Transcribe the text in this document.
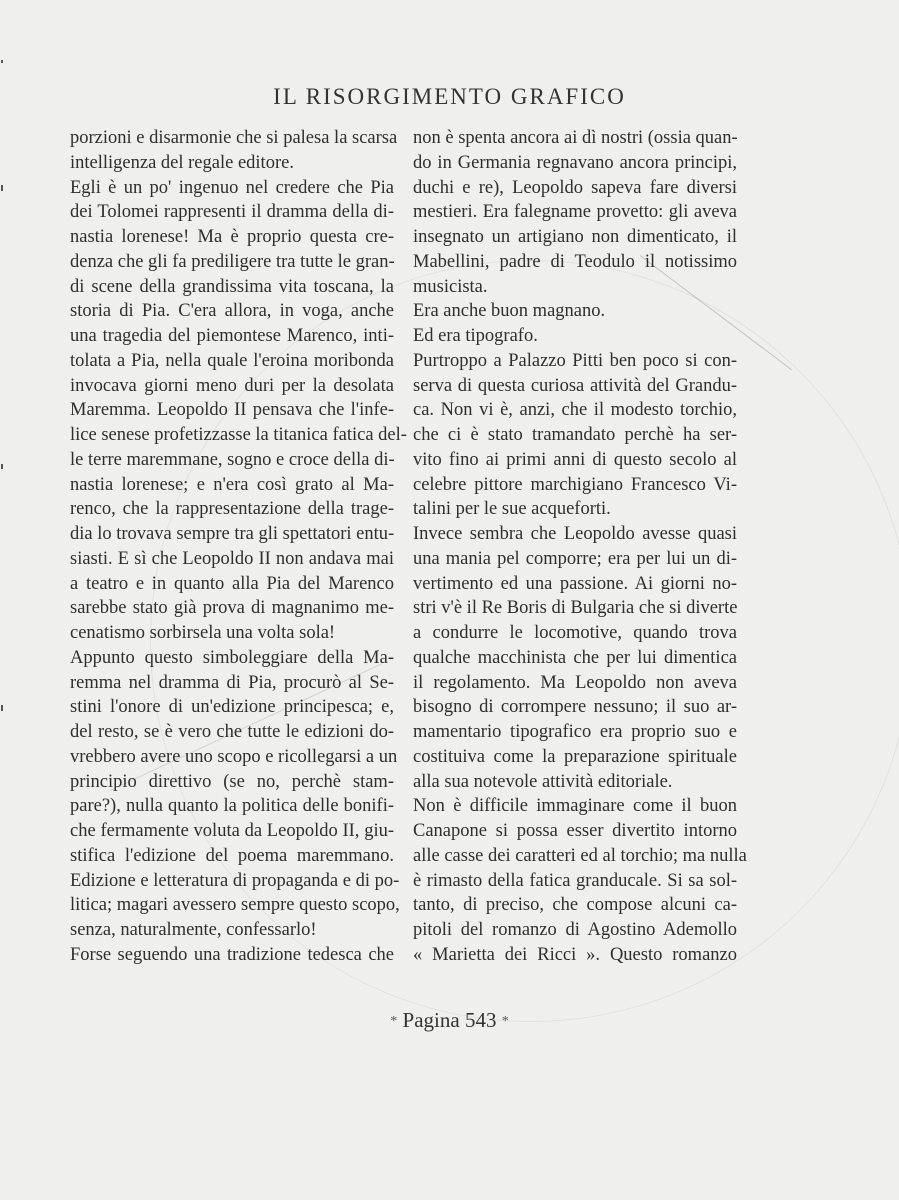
IL RISORGIMENTO GRAFICO
porzioni e disarmonie che si palesa la scarsa
intelligenza del regale editore.
Egli è un po' ingenuo nel credere che Pia
dei Tolomei rappresenti il dramma della di-
nastia lorenese! Ma è proprio questa cre-
denza che gli fa prediligere tra tutte le gran-
di scene della grandissima vita toscana, la
storia di Pia. C'era allora, in voga, anche
una tragedia del piemontese Marenco, inti-
tolata a Pia, nella quale l'eroina moribonda
invocava giorni meno duri per la desolata
Maremma. Leopoldo II pensava che l'infe-
lice senese profetizzasse la titanica fatica del-
le terre maremmane, sogno e croce della di-
nastia lorenese; e n'era così grato al Ma-
renco, che la rappresentazione della trage-
dia lo trovava sempre tra gli spettatori entu-
siasti. E sì che Leopoldo II non andava mai
a teatro e in quanto alla Pia del Marenco
sarebbe stato già prova di magnanimo me-
cenatismo sorbirsela una volta sola!
Appunto questo simboleggiare della Ma-
remma nel dramma di Pia, procurò al Se-
stini l'onore di un'edizione principesca; e,
del resto, se è vero che tutte le edizioni do-
vrebbero avere uno scopo e ricollegarsi a un
principio direttivo (se no, perchè stam-
pare?), nulla quanto la politica delle bonifi-
che fermamente voluta da Leopoldo II, giu-
stifica l'edizione del poema maremmano.
Edizione e letteratura di propaganda e di po-
litica; magari avessero sempre questo scopo,
senza, naturalmente, confessarlo!
Forse seguendo una tradizione tedesca che
non è spenta ancora ai dì nostri (ossia quan-
do in Germania regnavano ancora principi,
duchi e re), Leopoldo sapeva fare diversi
mestieri. Era falegname provetto: gli aveva
insegnato un artigiano non dimenticato, il
Mabellini, padre di Teodulo il notissimo
musicista.
Era anche buon magnano.
Ed era tipografo.
Purtroppo a Palazzo Pitti ben poco si con-
serva di questa curiosa attività del Grandu-
ca. Non vi è, anzi, che il modesto torchio,
che ci è stato tramandato perchè ha ser-
vito fino ai primi anni di questo secolo al
celebre pittore marchigiano Francesco Vi-
talini per le sue acqueforti.
Invece sembra che Leopoldo avesse quasi
una mania pel comporre; era per lui un di-
vertimento ed una passione. Ai giorni no-
stri v'è il Re Boris di Bulgaria che si diverte
a condurre le locomotive, quando trova
qualche macchinista che per lui dimentica
il regolamento. Ma Leopoldo non aveva
bisogno di corrompere nessuno; il suo ar-
mamentario tipografico era proprio suo e
costituiva come la preparazione spirituale
alla sua notevole attività editoriale.
Non è difficile immaginare come il buon
Canapone si possa esser divertito intorno
alle casse dei caratteri ed al torchio; ma nulla
è rimasto della fatica granducale. Si sa sol-
tanto, di preciso, che compose alcuni ca-
pitoli del romanzo di Agostino Ademollo
« Marietta dei Ricci ». Questo romanzo
* Pagina 543 *
